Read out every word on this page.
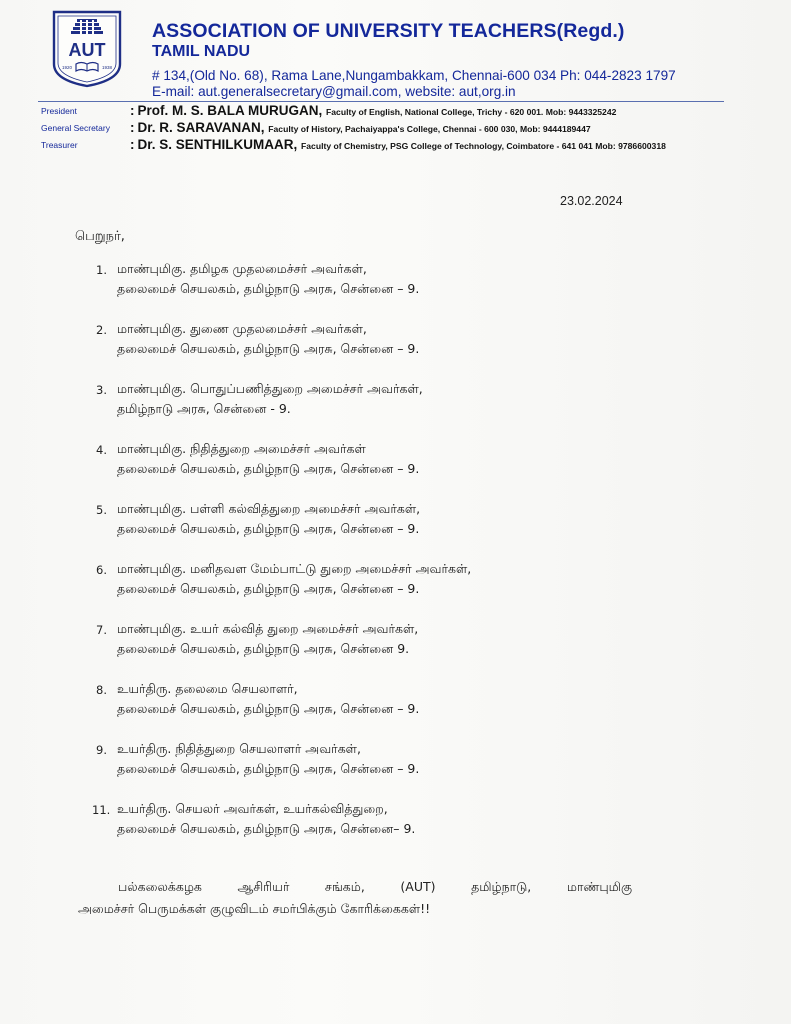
AUT
1920	1938
ASSOCIATION OF UNIVERSITY TEACHERS(Regd.)
TAMIL NADU
# 134,(Old No. 68), Rama Lane,Nungambakkam, Chennai-600 034 Ph: 044-2823 1797
E-mail: aut.generalsecretary@gmail.com, website: aut,org.in
President	: Prof. M. S. BALA MURUGAN, Faculty of English, National College, Trichy - 620 001. Mob: 9443325242
General Secretary : Dr. R. SARAVANAN, Faculty of History, Pachaiyappa's College, Chennai - 600 030, Mob: 9444189447
Treasurer	: Dr. S. SENTHILKUMAAR, Faculty of Chemistry, PSG College of Technology, Coimbatore - 641 041 Mob: 9786600318
23.02.2024
பெறுநர்,
1. மாண்புமிகு. தமிழக முதலமைச்சர் அவர்கள்,
தலைமைச் செயலகம், தமிழ்நாடு அரசு, சென்னை – 9.
2. மாண்புமிகு. துணை முதலமைச்சர் அவர்கள்,
தலைமைச் செயலகம், தமிழ்நாடு அரசு, சென்னை – 9.
3. மாண்புமிகு. பொதுப்பணித்துறை அமைச்சர் அவர்கள்,
தமிழ்நாடு அரசு, சென்னை - 9.
4. மாண்புமிகு. நிதித்துறை அமைச்சர் அவர்கள்
தலைமைச் செயலகம், தமிழ்நாடு அரசு, சென்னை – 9.
5. மாண்புமிகு. பள்ளி கல்வித்துறை அமைச்சர் அவர்கள்,
தலைமைச் செயலகம், தமிழ்நாடு அரசு, சென்னை – 9.
6. மாண்புமிகு. மனிதவள மேம்பாட்டு துறை அமைச்சர் அவர்கள்,
தலைமைச் செயலகம், தமிழ்நாடு அரசு, சென்னை – 9.
7. மாண்புமிகு. உயர் கல்வித் துறை அமைச்சர் அவர்கள்,
தலைமைச் செயலகம், தமிழ்நாடு அரசு, சென்னை 9.
8. உயர்திரு. தலைமை செயலாளர்,
தலைமைச் செயலகம், தமிழ்நாடு அரசு, சென்னை – 9.
9. உயர்திரு. நிதித்துறை செயலாளர் அவர்கள்,
தலைமைச் செயலகம், தமிழ்நாடு அரசு, சென்னை – 9.
11. உயர்திரு. செயலர் அவர்கள், உயர்கல்வித்துறை,
தலைமைச் செயலகம், தமிழ்நாடு அரசு, சென்னை– 9.
பல்கலைக்கழக ஆசிரியர் சங்கம், (AUT) தமிழ்நாடு, மாண்புமிகு
அமைச்சர் பெருமக்கள் குழுவிடம் சமர்பிக்கும் கோரிக்கைகள்!!
